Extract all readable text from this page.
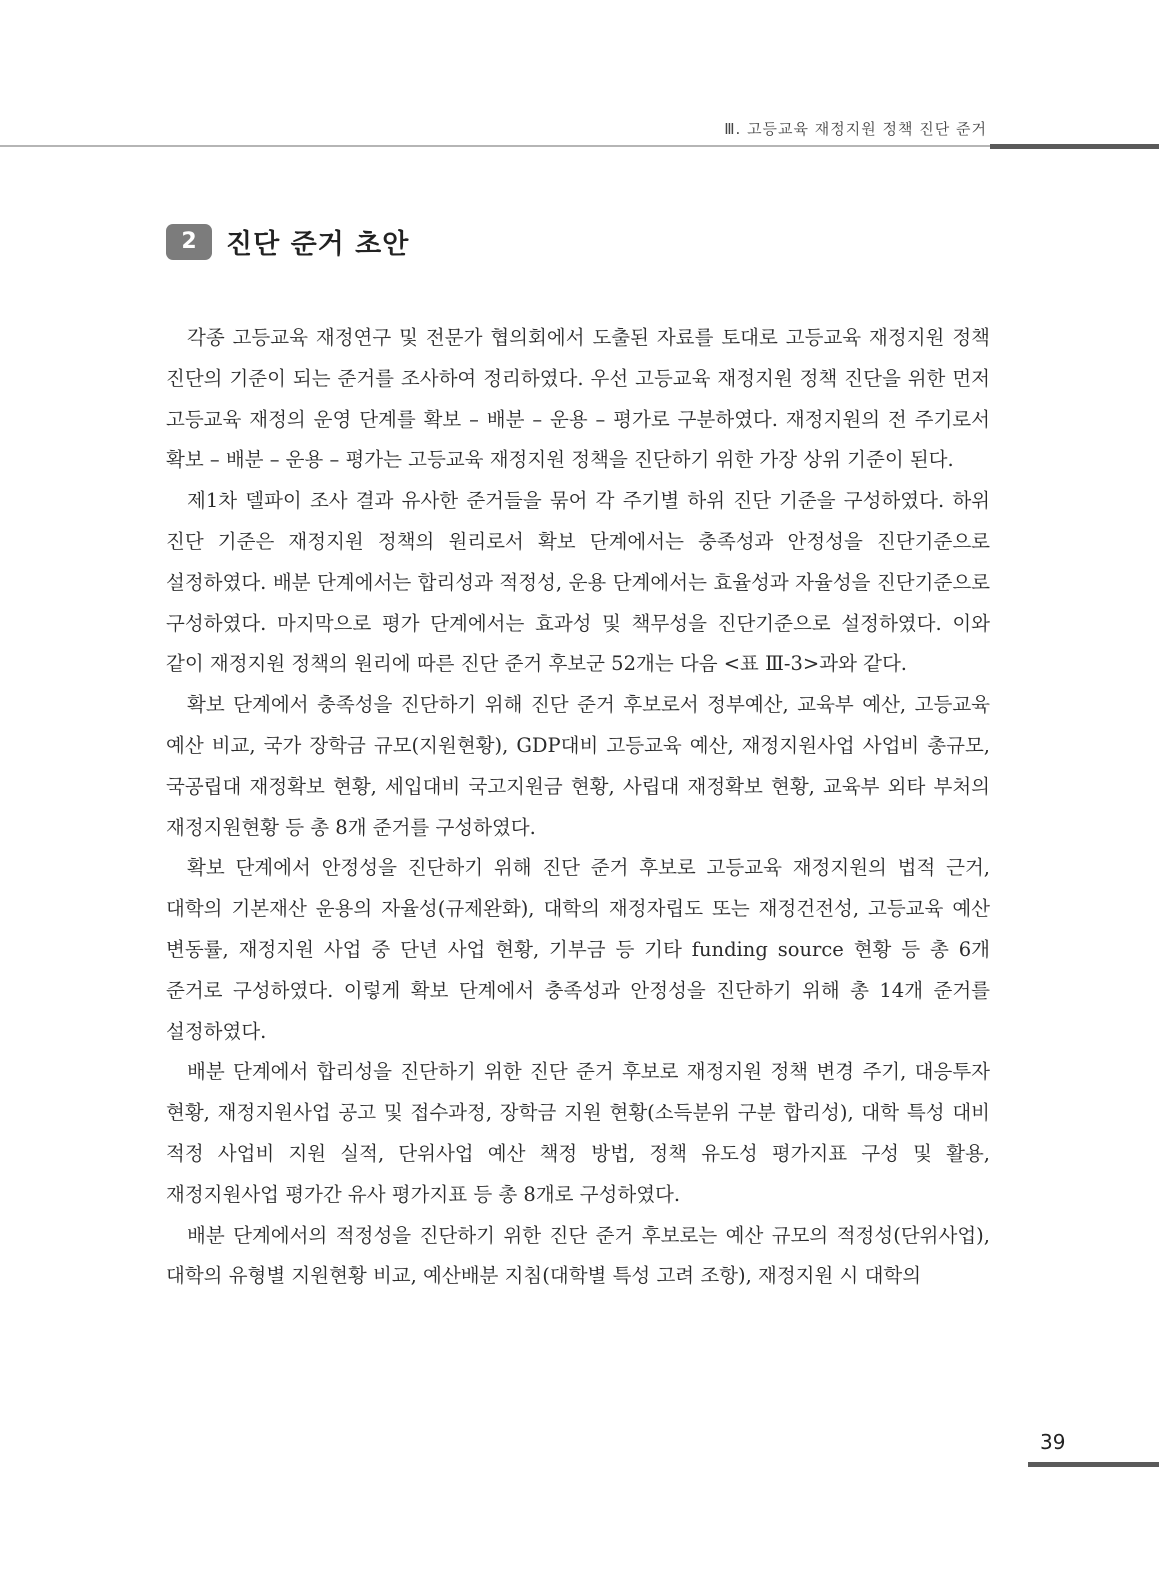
Ⅲ. 고등교육 재정지원 정책 진단 준거
2	진단 준거 초안

각종 고등교육 재정연구 및 전문가 협의회에서 도출된 자료를 토대로 고등교육 재정지원 정책 진단의 기준이 되는 준거를 조사하여 정리하였다. 우선 고등교육 재정지원 정책 진단을 위한 먼저 고등교육 재정의 운영 단계를 확보 – 배분 – 운용 – 평가로 구분하였다. 재정지원의 전 주기로서 확보 – 배분 – 운용 – 평가는 고등교육 재정지원 정책을 진단하기 위한 가장 상위 기준이 된다.

제1차 델파이 조사 결과 유사한 준거들을 묶어 각 주기별 하위 진단 기준을 구성하였다. 하위 진단 기준은 재정지원 정책의 원리로서 확보 단계에서는 충족성과 안정성을 진단기준으로 설정하였다. 배분 단계에서는 합리성과 적정성, 운용 단계에서는 효율성과 자율성을 진단기준으로 구성하였다. 마지막으로 평가 단계에서는 효과성 및 책무성을 진단기준으로 설정하였다. 이와 같이 재정지원 정책의 원리에 따른 진단 준거 후보군 52개는 다음 <표 Ⅲ-3>과와 같다.

확보 단계에서 충족성을 진단하기 위해 진단 준거 후보로서 정부예산, 교육부 예산, 고등교육 예산 비교, 국가 장학금 규모(지원현황), GDP대비 고등교육 예산, 재정지원사업 사업비 총규모, 국공립대 재정확보 현황, 세입대비 국고지원금 현황, 사립대 재정확보 현황, 교육부 외타 부처의 재정지원현황 등 총 8개 준거를 구성하였다.

확보 단계에서 안정성을 진단하기 위해 진단 준거 후보로 고등교육 재정지원의 법적 근거, 대학의 기본재산 운용의 자율성(규제완화), 대학의 재정자립도 또는 재정건전성, 고등교육 예산 변동률, 재정지원 사업 중 단년 사업 현황, 기부금 등 기타 funding source 현황 등 총 6개 준거로 구성하였다. 이렇게 확보 단계에서 충족성과 안정성을 진단하기 위해 총 14개 준거를 설정하였다.

배분 단계에서 합리성을 진단하기 위한 진단 준거 후보로 재정지원 정책 변경 주기, 대응투자 현황, 재정지원사업 공고 및 접수과정, 장학금 지원 현황(소득분위 구분 합리성), 대학 특성 대비 적정 사업비 지원 실적, 단위사업 예산 책정 방법, 정책 유도성 평가지표 구성 및 활용, 재정지원사업 평가간 유사 평가지표 등 총 8개로 구성하였다.

배분 단계에서의 적정성을 진단하기 위한 진단 준거 후보로는 예산 규모의 적정성(단위사업), 대학의 유형별 지원현황 비교, 예산배분 지침(대학별 특성 고려 조항), 재정지원 시 대학의

39
